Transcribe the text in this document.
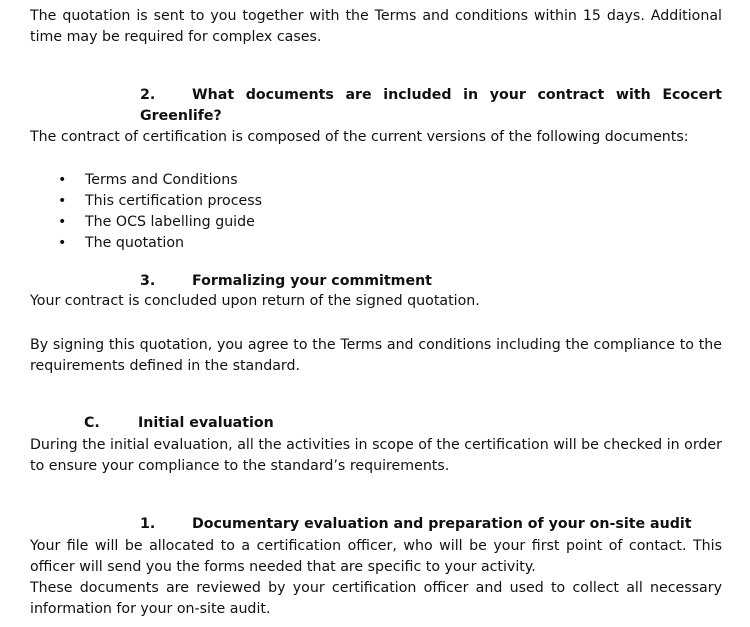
The quotation is sent to you together with the Terms and conditions within 15 days. Additional time may be required for complex cases.
2.	What documents are included in your contract with Ecocert Greenlife?
The contract of certification is composed of the current versions of the following documents:
• Terms and Conditions
• This certification process
• The OCS labelling guide
• The quotation
3.	Formalizing your commitment
Your contract is concluded upon return of the signed quotation.
By signing this quotation, you agree to the Terms and conditions including the compliance to the requirements defined in the standard.
C.	Initial evaluation
During the initial evaluation, all the activities in scope of the certification will be checked in order to ensure your compliance to the standard’s requirements.
1.	Documentary evaluation and preparation of your on-site audit
Your file will be allocated to a certification officer, who will be your first point of contact. This officer will send you the forms needed that are specific to your activity.
These documents are reviewed by your certification officer and used to collect all necessary information for your on-site audit.
